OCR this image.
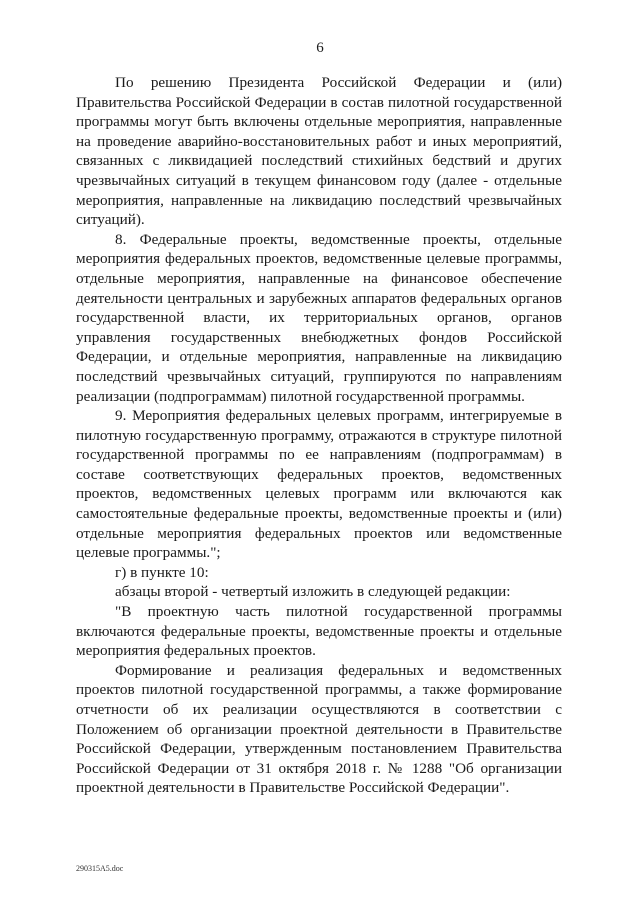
6

По решению Президента Российской Федерации и (или) Правительства Российской Федерации в состав пилотной государственной программы могут быть включены отдельные мероприятия, направленные на проведение аварийно-восстановительных работ и иных мероприятий, связанных с ликвидацией последствий стихийных бедствий и других чрезвычайных ситуаций в текущем финансовом году (далее - отдельные мероприятия, направленные на ликвидацию последствий чрезвычайных ситуаций).

8. Федеральные проекты, ведомственные проекты, отдельные мероприятия федеральных проектов, ведомственные целевые программы, отдельные мероприятия, направленные на финансовое обеспечение деятельности центральных и зарубежных аппаратов федеральных органов государственной власти, их территориальных органов, органов управления государственных внебюджетных фондов Российской Федерации, и отдельные мероприятия, направленные на ликвидацию последствий чрезвычайных ситуаций, группируются по направлениям реализации (подпрограммам) пилотной государственной программы.

9. Мероприятия федеральных целевых программ, интегрируемые в пилотную государственную программу, отражаются в структуре пилотной государственной программы по ее направлениям (подпрограммам) в составе соответствующих федеральных проектов, ведомственных проектов, ведомственных целевых программ или включаются как самостоятельные федеральные проекты, ведомственные проекты и (или) отдельные мероприятия федеральных проектов или ведомственные целевые программы.";

г) в пункте 10:

абзацы второй - четвертый изложить в следующей редакции:

"В проектную часть пилотной государственной программы включаются федеральные проекты, ведомственные проекты и отдельные мероприятия федеральных проектов.

Формирование и реализация федеральных и ведомственных проектов пилотной государственной программы, а также формирование отчетности об их реализации осуществляются в соответствии с Положением об организации проектной деятельности в Правительстве Российской Федерации, утвержденным постановлением Правительства Российской Федерации от 31 октября 2018 г. № 1288 "Об организации проектной деятельности в Правительстве Российской Федерации".

290315A5.doc
